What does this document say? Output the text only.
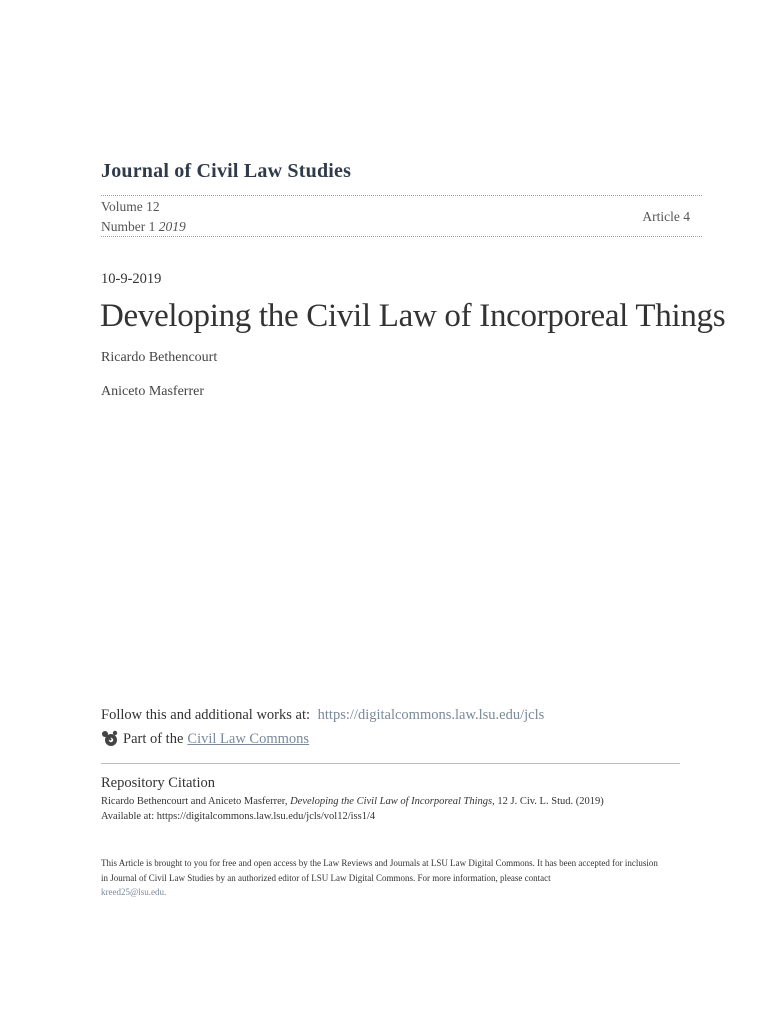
Journal of Civil Law Studies
Volume 12
Number 1 2019
Article 4
10-9-2019
Developing the Civil Law of Incorporeal Things
Ricardo Bethencourt
Aniceto Masferrer
Follow this and additional works at: https://digitalcommons.law.lsu.edu/jcls
Part of the Civil Law Commons
Repository Citation
Ricardo Bethencourt and Aniceto Masferrer, Developing the Civil Law of Incorporeal Things, 12 J. Civ. L. Stud. (2019)
Available at: https://digitalcommons.law.lsu.edu/jcls/vol12/iss1/4
This Article is brought to you for free and open access by the Law Reviews and Journals at LSU Law Digital Commons. It has been accepted for inclusion in Journal of Civil Law Studies by an authorized editor of LSU Law Digital Commons. For more information, please contact
kreed25@lsu.edu.
